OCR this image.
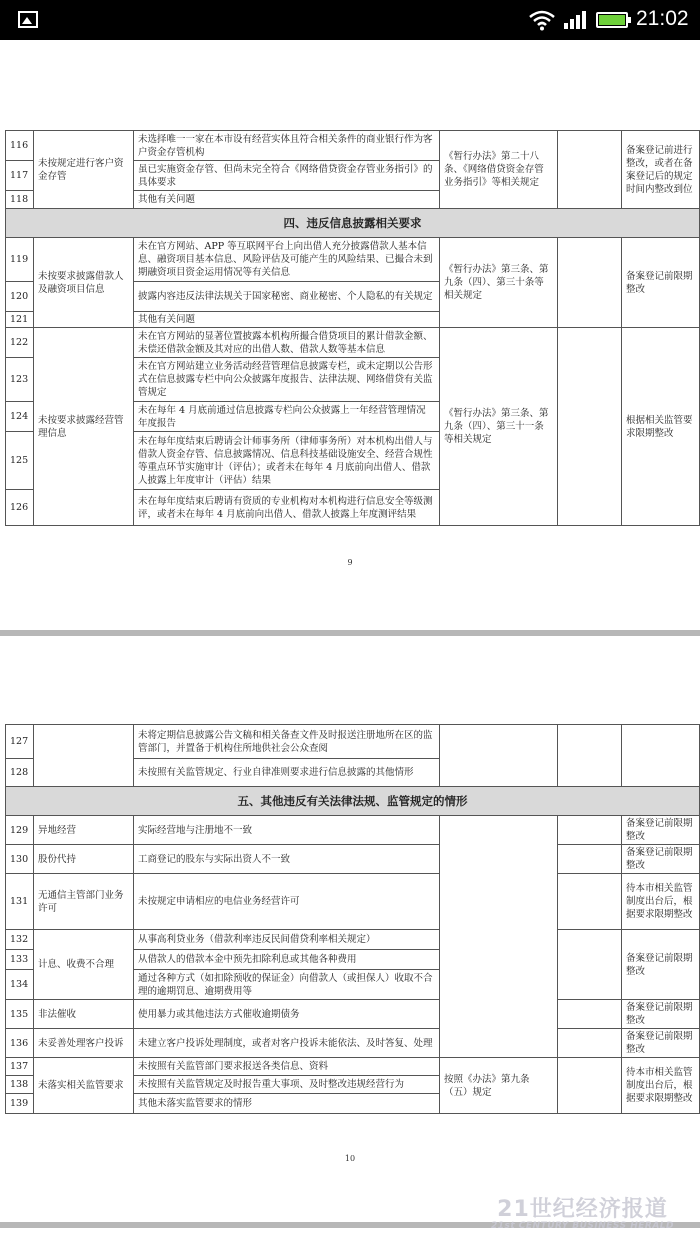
21:02
116	未按规定进行客户资金存管	未选择唯一一家在本市设有经营实体且符合相关条件的商业银行作为客户资金存管机构	《暂行办法》第二十八条、《网络借贷资金存管业务指引》等相关规定		备案登记前进行整改，或者在备案登记后的规定时间内整改到位
117		虽已实施资金存管、但尚未完全符合《网络借贷资金存管业务指引》的具体要求			
118		其他有关问题			
四、违反信息披露相关要求					
119	未按要求披露借款人及融资项目信息	未在官方网站、APP 等互联网平台上向出借人充分披露借款人基本信息、融资项目基本信息、风险评估及可能产生的风险结果、已撮合未到期融资项目资金运用情况等有关信息	《暂行办法》第三条、第九条（四）、第三十条等相关规定		备案登记前限期整改
120		披露内容违反法律法规关于国家秘密、商业秘密、个人隐私的有关规定			
121		其他有关问题			
122	未按要求披露经营管理信息	未在官方网站的显著位置披露本机构所撮合借贷项目的累计借款金额、未偿还借款金额及其对应的出借人数、借款人数等基本信息	《暂行办法》第三条、第九条（四）、第三十一条等相关规定		根据相关监管要求限期整改
123		未在官方网站建立业务活动经营管理信息披露专栏，或未定期以公告形式在信息披露专栏中向公众披露年度报告、法律法规、网络借贷有关监管规定			
124		未在每年 4 月底前通过信息披露专栏向公众披露上一年经营管理情况年度报告			
125		未在每年度结束后聘请会计师事务所（律师事务所）对本机构出借人与借款人资金存管、信息披露情况、信息科技基础设施安全、经营合规性等重点环节实施审计（评估）；或者未在每年 4 月底前向出借人、借款人披露上年度审计（评估）结果			
126		未在每年度结束后聘请有资质的专业机构对本机构进行信息安全等级测评，或者未在每年 4 月底前向出借人、借款人披露上年度测评结果			
9
127		未将定期信息披露公告文稿和相关备查文件及时报送注册地所在区的监管部门，并置备于机构住所地供社会公众查阅			
128		未按照有关监管规定、行业自律准则要求进行信息披露的其他情形			
五、其他违反有关法律法规、监管规定的情形					
129	异地经营	实际经营地与注册地不一致			备案登记前限期整改
130	股份代持	工商登记的股东与实际出资人不一致			备案登记前限期整改
131	无通信主管部门业务许可	未按规定申请相应的电信业务经营许可			待本市相关监管制度出台后，根据要求限期整改
132	计息、收费不合理	从事高利贷业务（借款利率违反民间借贷利率相关规定）			备案登记前限期整改
133		从借款人的借款本金中预先扣除利息或其他各种费用			
134		通过各种方式（如扣除预收的保证金）向借款人（或担保人）收取不合理的逾期罚息、逾期费用等			
135	非法催收	使用暴力或其他违法方式催收逾期债务			备案登记前限期整改
136	未妥善处理客户投诉	未建立客户投诉处理制度，或者对客户投诉未能依法、及时答复、处理			备案登记前限期整改
137	未落实相关监管要求	未按照有关监管部门要求报送各类信息、资料	按照《办法》第九条（五）规定		待本市相关监管制度出台后，根据要求限期整改
138		未按照有关监管规定及时报告重大事项、及时整改违规经营行为			
139		其他未落实监管要求的情形			
10
21世纪经济报道
21st CENTURY BUSINESS HERALD
